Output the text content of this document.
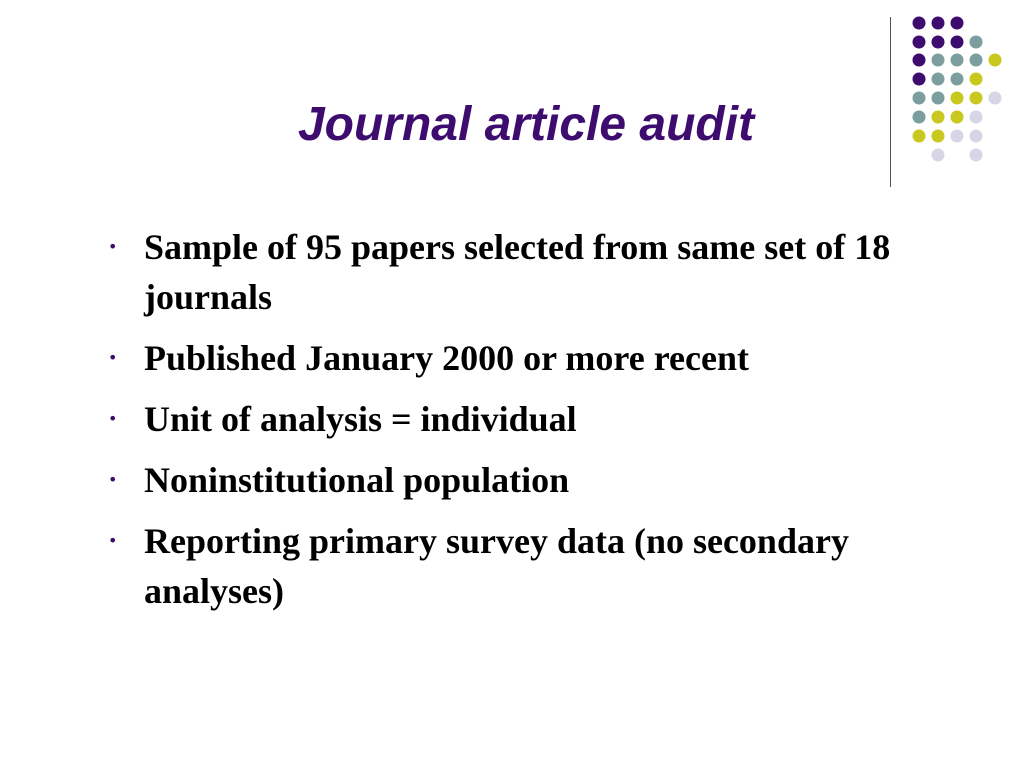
Journal article audit
• Sample of 95 papers selected from same set of 18 journals
• Published January 2000 or more recent
• Unit of analysis = individual
• Noninstitutional population
• Reporting primary survey data (no secondary analyses)
